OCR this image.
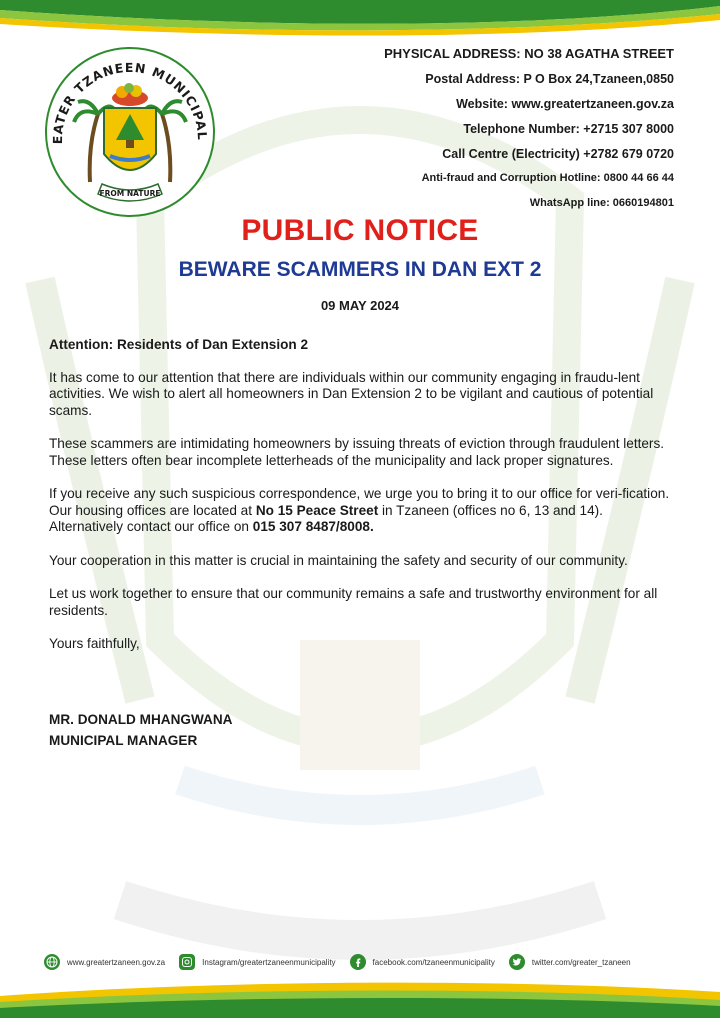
EATER TZANEEN MUNICIPAL
FROM NATURE
PHYSICAL ADDRESS: NO 38 AGATHA STREET
Postal Address: P O Box 24,Tzaneen,0850
Website: www.greatertzaneen.gov.za
Telephone Number: +2715 307 8000
Call Centre (Electricity) +2782 679 0720
Anti-fraud and Corruption Hotline: 0800 44 66 44
WhatsApp line: 0660194801
PUBLIC NOTICE
BEWARE SCAMMERS IN DAN EXT 2
09 MAY 2024

Attention: Residents of Dan Extension 2

It has come to our attention that there are individuals within our community engaging in fraudu-lent activities. We wish to alert all homeowners in Dan Extension 2 to be vigilant and cautious of potential scams.

These scammers are intimidating homeowners by issuing threats of eviction through fraudulent letters. These letters often bear incomplete letterheads of the municipality and lack proper signatures.

If you receive any such suspicious correspondence, we urge you to bring it to our office for veri-fication. Our housing offices are located at No 15 Peace Street in Tzaneen (offices no 6, 13 and 14). Alternatively contact our office on 015 307 8487/8008.

Your cooperation in this matter is crucial in maintaining the safety and security of our community.

Let us work together to ensure that our community remains a safe and trustworthy environment for all residents.

Yours faithfully,

MR. DONALD MHANGWANA
MUNICIPAL MANAGER
www.greatertzaneen.gov.za	Instagram/greatertzaneenmunicipality	facebook.com/tzaneenmunicipality	twitter.com/greater_tzaneen
